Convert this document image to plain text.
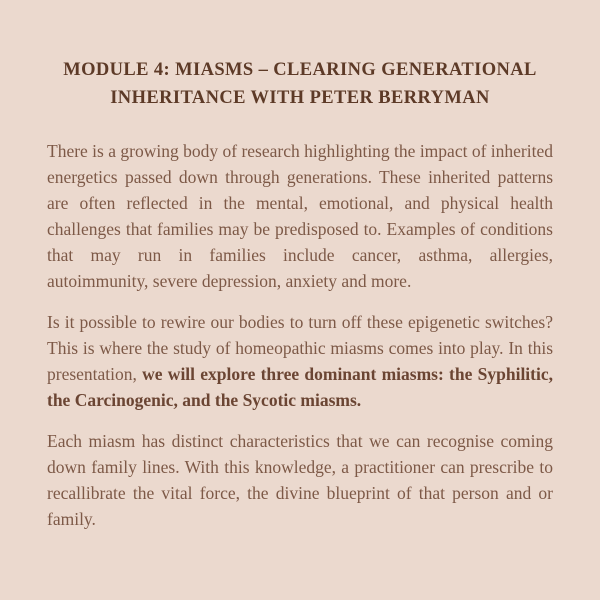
MODULE 4: MIASMS – CLEARING GENERATIONAL INHERITANCE WITH PETER BERRYMAN

There is a growing body of research highlighting the impact of inherited energetics passed down through generations. These inherited patterns are often reflected in the mental, emotional, and physical health challenges that families may be predisposed to. Examples of conditions that may run in families include cancer, asthma, allergies, autoimmunity, severe depression, anxiety and more.

Is it possible to rewire our bodies to turn off these epigenetic switches? This is where the study of homeopathic miasms comes into play. In this presentation, we will explore three dominant miasms: the Syphilitic, the Carcinogenic, and the Sycotic miasms.

Each miasm has distinct characteristics that we can recognise coming down family lines. With this knowledge, a practitioner can prescribe to recallibrate the vital force, the divine blueprint of that person and or family.
